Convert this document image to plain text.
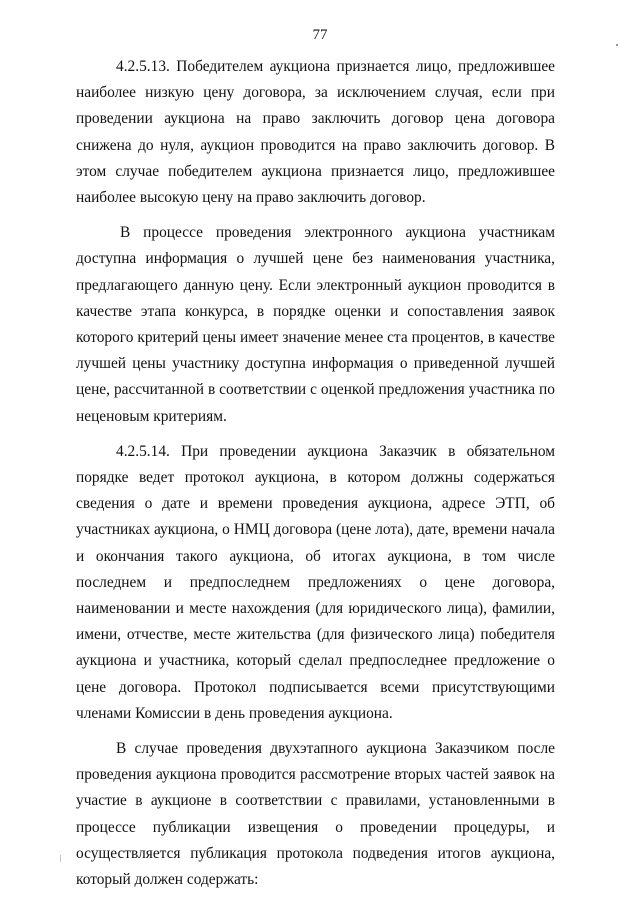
77

4.2.5.13. Победителем аукциона признается лицо, предложившее наиболее низкую цену договора, за исключением случая, если при проведении аукциона на право заключить договор цена договора снижена до нуля, аукцион проводится на право заключить договор. В этом случае победителем аукциона признается лицо, предложившее наиболее высокую цену на право заключить договор.

В процессе проведения электронного аукциона участникам доступна информация о лучшей цене без наименования участника, предлагающего данную цену. Если электронный аукцион проводится в качестве этапа конкурса, в порядке оценки и сопоставления заявок которого критерий цены имеет значение менее ста процентов, в качестве лучшей цены участнику доступна информация о приведенной лучшей цене, рассчитанной в соответствии с оценкой предложения участника по неценовым критериям.

4.2.5.14. При проведении аукциона Заказчик в обязательном порядке ведет протокол аукциона, в котором должны содержаться сведения о дате и времени проведения аукциона, адресе ЭТП, об участниках аукциона, о НМЦ договора (цене лота), дате, времени начала и окончания такого аукциона, об итогах аукциона, в том числе последнем и предпоследнем предложениях о цене договора, наименовании и месте нахождения (для юридического лица), фамилии, имени, отчестве, месте жительства (для физического лица) победителя аукциона и участника, который сделал предпоследнее предложение о цене договора. Протокол подписывается всеми присутствующими членами Комиссии в день проведения аукциона.

В случае проведения двухэтапного аукциона Заказчиком после проведения аукциона проводится рассмотрение вторых частей заявок на участие в аукционе в соответствии с правилами, установленными в процессе публикации извещения о проведении процедуры, и осуществляется публикация протокола подведения итогов аукциона, который должен содержать:
